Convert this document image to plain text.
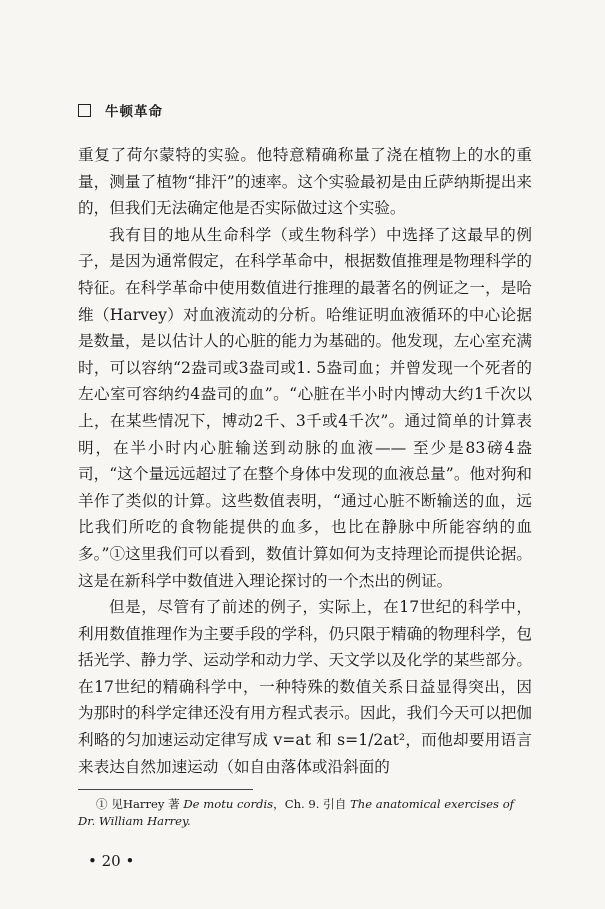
牛顿革命

重复了荷尔蒙特的实验。他特意精确称量了浇在植物上的水的重量，测量了植物“排汗”的速率。这个实验最初是由丘萨纳斯提出来的，但我们无法确定他是否实际做过这个实验。

我有目的地从生命科学（或生物科学）中选择了这最早的例子，是因为通常假定，在科学革命中，根据数值推理是物理科学的特征。在科学革命中使用数值进行推理的最著名的例证之一，是哈维（Harvey）对血液流动的分析。哈维证明血液循环的中心论据是数量，是以估计人的心脏的能力为基础的。他发现，左心室充满时，可以容纳“2盎司或3盎司或1. 5盎司血；并曾发现一个死者的左心室可容纳约4盎司的血”。“心脏在半小时内博动大约1千次以上，在某些情况下，博动2千、3千或4千次”。通过简单的计算表明，在半小时内心脏输送到动脉的血液—— 至少是83磅4盎司，“这个量远远超过了在整个身体中发现的血液总量”。他对狗和羊作了类似的计算。这些数值表明，“通过心脏不断输送的血，远比我们所吃的食物能提供的血多，也比在静脉中所能容纳的血多。”①这里我们可以看到，数值计算如何为支持理论而提供论据。这是在新科学中数值进入理论探讨的一个杰出的例证。

但是，尽管有了前述的例子，实际上，在17世纪的科学中，利用数值推理作为主要手段的学科，仍只限于精确的物理科学，包括光学、静力学、运动学和动力学、天文学以及化学的某些部分。在17世纪的精确科学中，一种特殊的数值关系日益显得突出，因为那时的科学定律还没有用方程式表示。因此，我们今天可以把伽利略的匀加速运动定律写成 v=at 和 s=1/2at²，而他却要用语言来表达自然加速运动（如自由落体或沿斜面的

① 见Harrey 著 De motu cordis，Ch. 9. 引自 The anatomical exercises of Dr. William Harrey.
• 20 •
